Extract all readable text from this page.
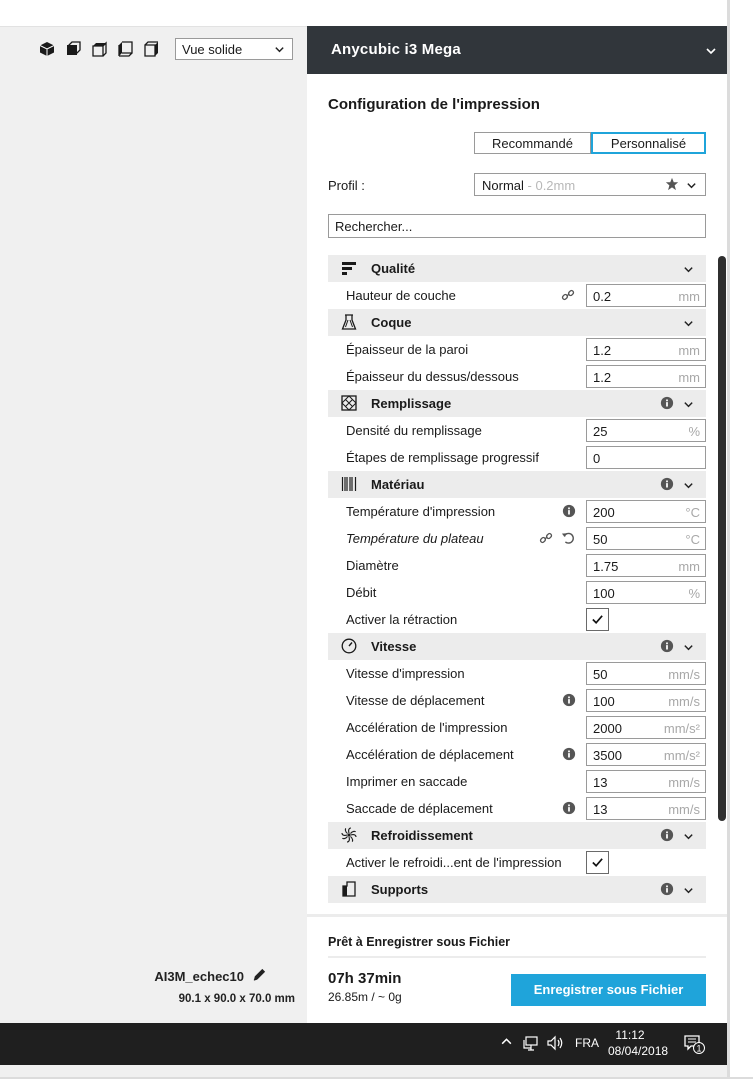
Vue solide
AI3M_echec10
90.1 x 90.0 x 70.0 mm
Anycubic i3 Mega
Configuration de l'impression
Recommandé	Personnalisé
Profil :	Normal - 0.2mm
Rechercher...
Qualité
Hauteur de couche	0.2	mm
Coque
Épaisseur de la paroi	1.2	mm
Épaisseur du dessus/dessous	1.2	mm
Remplissage
Densité du remplissage	25	%
Étapes de remplissage progressif	0
Matériau
Température d'impression	200	°C
Température du plateau	50	°C
Diamètre	1.75	mm
Débit	100	%
Activer la rétraction
Vitesse
Vitesse d'impression	50	mm/s
Vitesse de déplacement	100	mm/s
Accélération de l'impression	2000	mm/s²
Accélération de déplacement	3500	mm/s²
Imprimer en saccade	13	mm/s
Saccade de déplacement	13	mm/s
Refroidissement
Activer le refroidi...ent de l'impression
Supports
Prêt à Enregistrer sous Fichier
07h 37min
26.85m / ~ 0g	Enregistrer sous Fichier
FRA
11:12
08/04/2018	1
